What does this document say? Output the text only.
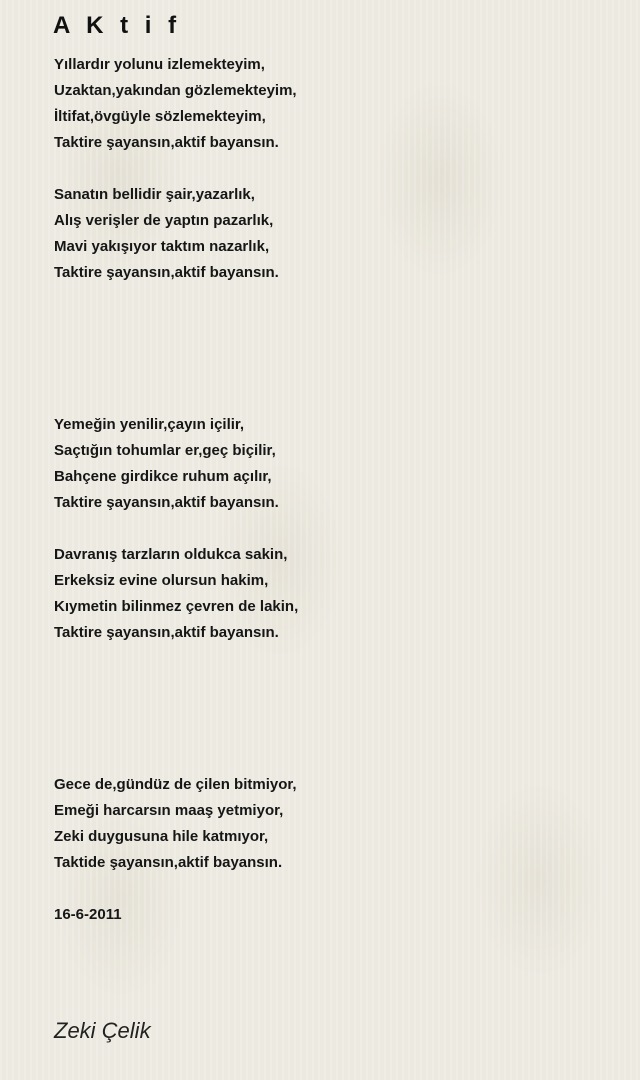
A K t i f
Yıllardır yolunu izlemekteyim,
Uzaktan,yakından gözlemekteyim,
İltifat,övgüyle sözlemekteyim,
Taktire şayansın,aktif bayansın.
Sanatın bellidir şair,yazarlık,
Alış verişler de yaptın pazarlık,
Mavi yakışıyor taktım nazarlık,
Taktire şayansın,aktif bayansın.
Yemeğin yenilir,çayın içilir,
Saçtığın tohumlar er,geç biçilir,
Bahçene girdikce ruhum açılır,
Taktire şayansın,aktif bayansın.
Davranış tarzların oldukca sakin,
Erkeksiz evine olursun hakim,
Kıymetin bilinmez çevren de lakin,
Taktire şayansın,aktif bayansın.
Gece de,gündüz de çilen bitmiyor,
Emeği harcarsın maaş yetmiyor,
Zeki duygusuna hile katmıyor,
Taktide şayansın,aktif bayansın.
16-6-2011
Zeki Çelik
